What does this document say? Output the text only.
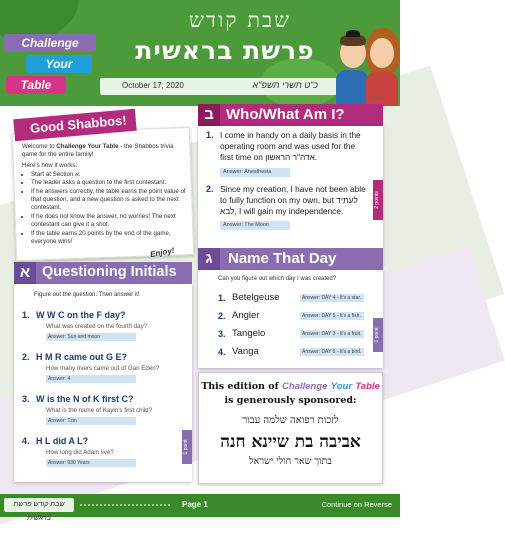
Challenge
Your
Table
שבת קודש
פרשת בראשית
October 17, 2020	כ"ט תשרי תשפ"א
Good Shabbos!

Welcome to Challenge Your Table - the Shabbos trivia game for the entire family!

Here's how it works:

• Start at Section א.
• The leader asks a question to the first contestant.
• If he answers correctly, the table earns the point value of that question, and a new question is asked to the next contestant.
• If he does not know the answer, no worries! The next contestant can give it a shot.
• If the table earns 20 points by the end of the game, everyone wins!
Enjoy!
"עגלה"
ב Who/What Am I?
1. I come in handy on a daily basis in the operating room and was used for the first time on אדה"ר הראשון.
Answer: Anesthesia
2. Since my creation, I have not been able to fully function on my own, but לעתיד לבא, I will gain my independence.
Answer: The Moon
2 points
ג	Name That Day
Can you figure out which day I was created?
1. Betelgeuse	Answer: DAY 4 - It's a star.
2. Angler	Answer: DAY 5 - It's a fish.
3. Tangelo	Answer: DAY 3 - It's a fruit.
4. Vanga	Answer: DAY 5 - It's a bird.
1 point
א Questioning Initials
Figure out the question. Then answer it!
1. W W C on the F day?
What was created on the fourth day?
Answer: Sun and moon
2. H M R came out G E?
How many rivers came out of Gan Eden?
Answer: 4
3. W is the N of K first C?
What is the name of Kayin's first child?
Answer: Tzin
4. H L did A L?
How long did Adam live?
Answer: 930 Years
1 point
This edition of Challenge Your Table
is generously sponsored:
לזכות רפואה שלמה עבור
אביבה בת שיינא חנה
בתוך שאר חולי ישראל
שבת קודש פרשת בראשית
Page 1	Continue on Reverse
